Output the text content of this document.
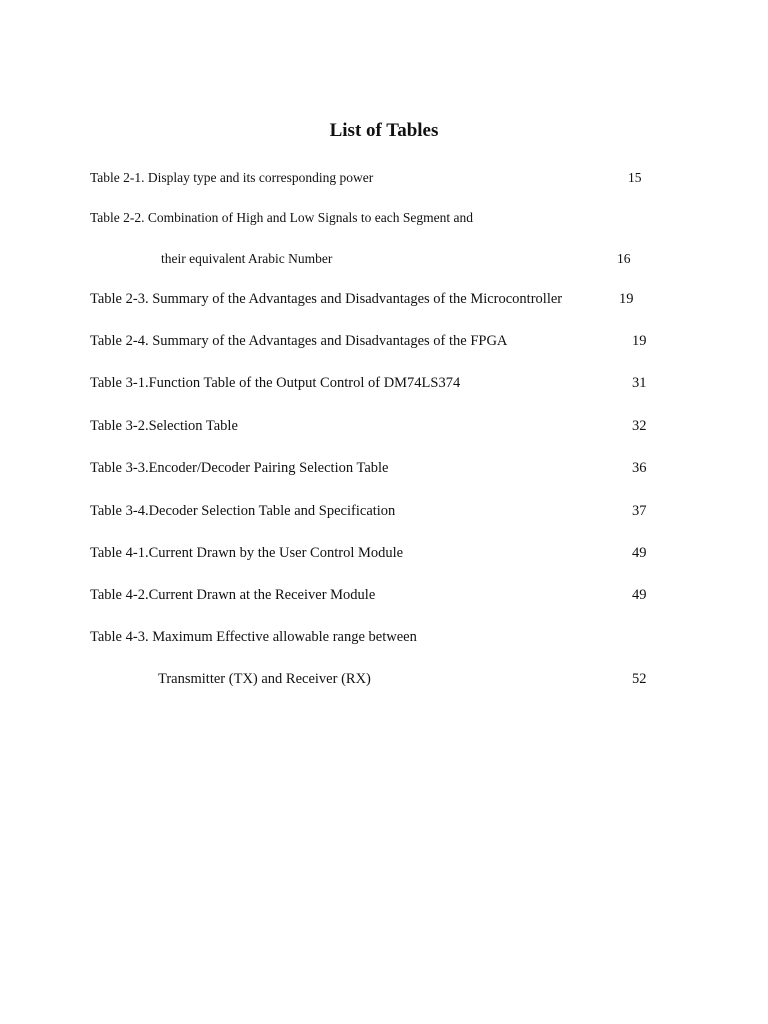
List of Tables
Table 2-1. Display type and its corresponding power	15
Table 2-2. Combination of High and Low Signals to each Segment and
their equivalent Arabic Number	16
Table 2-3. Summary of the Advantages and Disadvantages of the Microcontroller	19
Table 2-4. Summary of the Advantages and Disadvantages of the FPGA	19
Table 3-1.Function Table of the Output Control of DM74LS374	31
Table 3-2.Selection Table	32
Table 3-3.Encoder/Decoder Pairing Selection Table	36
Table 3-4.Decoder Selection Table and Specification	37
Table 4-1.Current Drawn by the User Control Module	49
Table 4-2.Current Drawn at the Receiver Module	49
Table 4-3. Maximum Effective allowable range between
Transmitter (TX) and Receiver (RX)	52
